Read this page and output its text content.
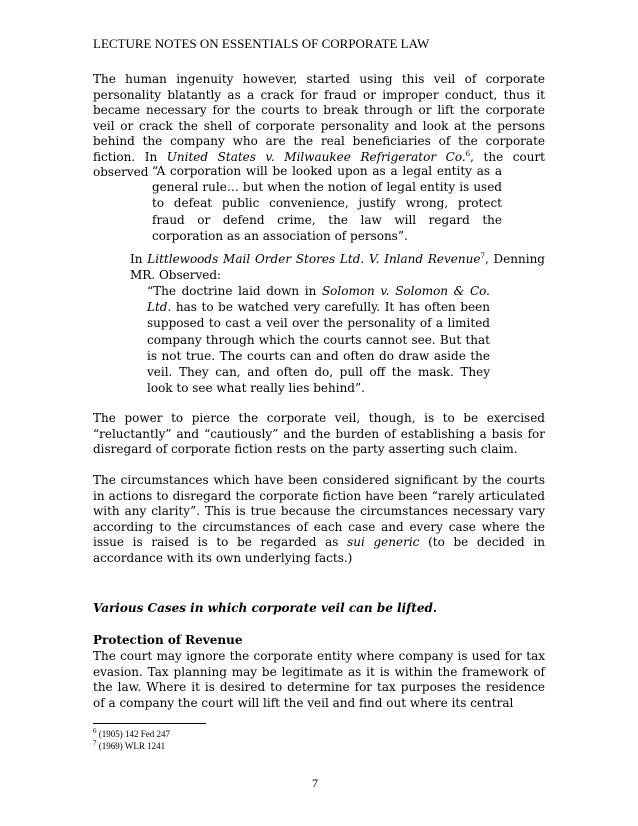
LECTURE NOTES ON ESSENTIALS OF CORPORATE LAW

The human ingenuity however, started using this veil of corporate personality blatantly as a crack for fraud or improper conduct, thus it became necessary for the courts to break through or lift the corporate veil or crack the shell of corporate personality and look at the persons behind the company who are the real beneficiaries of the corporate fiction. In United States v. Milwaukee Refrigerator Co.$^6$, the court observed “A corporation will be looked upon as a legal entity as a general rule… but when the notion of legal entity is used to defeat public convenience, justify wrong, protect fraud or defend crime, the law will regard the corporation as an association of persons”.

In Littlewoods Mail Order Stores Ltd. V. Inland Revenue$^7$, Denning MR. Observed:

“The doctrine laid down in Solomon v. Solomon & Co. Ltd. has to be watched very carefully. It has often been supposed to cast a veil over the personality of a limited company through which the courts cannot see. But that is not true. The courts can and often do draw aside the veil. They can, and often do, pull off the mask. They look to see what really lies behind”.

The power to pierce the corporate veil, though, is to be exercised “reluctantly” and “cautiously” and the burden of establishing a basis for disregard of corporate fiction rests on the party asserting such claim.

The circumstances which have been considered significant by the courts in actions to disregard the corporate fiction have been “rarely articulated with any clarity”. This is true because the circumstances necessary vary according to the circumstances of each case and every case where the issue is raised is to be regarded as sui generic (to be decided in accordance with its own underlying facts.)

Various Cases in which corporate veil can be lifted.

Protection of Revenue

The court may ignore the corporate entity where company is used for tax evasion. Tax planning may be legitimate as it is within the framework of the law. Where it is desired to determine for tax purposes the residence of a company the court will lift the veil and find out where its central

$^6$ (1905) 142 Fed 247

$^7$ (1969) WLR 1241

7
